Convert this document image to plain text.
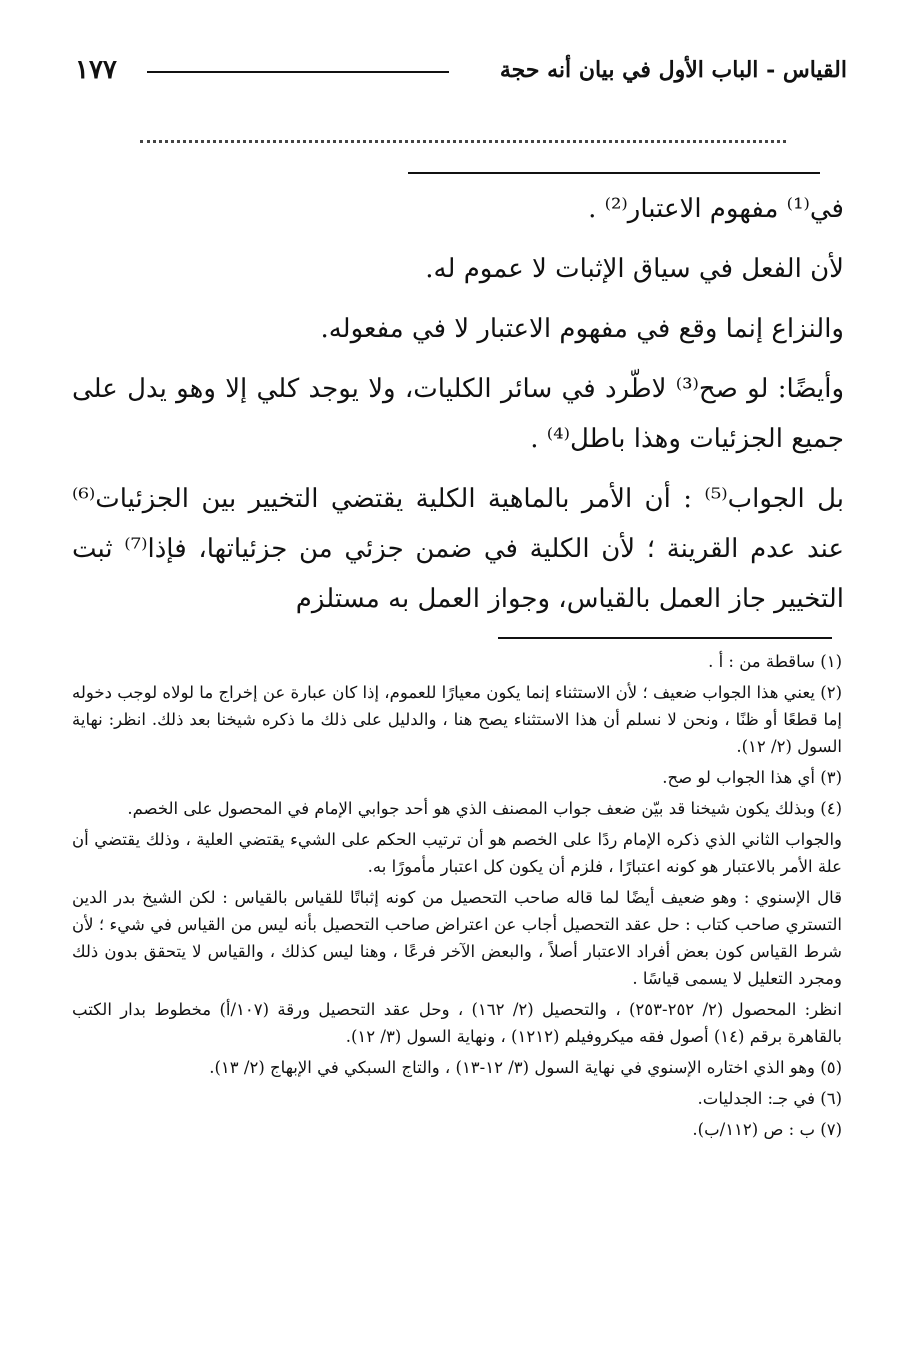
القياس - الباب الأول في بيان أنه حجة
١٧٧

في⁽¹⁾ مفهوم الاعتبار⁽²⁾ .

لأن الفعل في سياق الإثبات لا عموم له.

والنزاع إنما وقع في مفهوم الاعتبار لا في مفعوله.

وأيضًا: لو صح⁽³⁾ لاطّرد في سائر الكليات، ولا يوجد كلي إلا وهو يدل على جميع الجزئيات وهذا باطل⁽⁴⁾ .

بل الجواب⁽⁵⁾ : أن الأمر بالماهية الكلية يقتضي التخيير بين الجزئيات⁽⁶⁾ عند عدم القرينة ؛ لأن الكلية في ضمن جزئي من جزئياتها، فإذا⁽⁷⁾ ثبت التخيير جاز العمل بالقياس، وجواز العمل به مستلزم

(١) ساقطة من : أ .

(٢) يعني هذا الجواب ضعيف ؛ لأن الاستثناء إنما يكون معيارًا للعموم، إذا كان عبارة عن إخراج ما لولاه لوجب دخوله إما قطعًا أو ظنًا ، ونحن لا نسلم أن هذا الاستثناء يصح هنا ، والدليل على ذلك ما ذكره شيخنا بعد ذلك. انظر: نهاية السول (٢/ ١٢).

(٣) أي هذا الجواب لو صح.

(٤) وبذلك يكون شيخنا قد بيّن ضعف جواب المصنف الذي هو أحد جوابي الإمام في المحصول على الخصم.

والجواب الثاني الذي ذكره الإمام ردًا على الخصم هو أن ترتيب الحكم على الشيء يقتضي العلية ، وذلك يقتضي أن علة الأمر بالاعتبار هو كونه اعتبارًا ، فلزم أن يكون كل اعتبار مأمورًا به.

قال الإسنوي : وهو ضعيف أيضًا لما قاله صاحب التحصيل من كونه إثباتًا للقياس بالقياس : لكن الشيخ بدر الدين التستري صاحب كتاب : حل عقد التحصيل أجاب عن اعتراض صاحب التحصيل بأنه ليس من القياس في شيء ؛ لأن شرط القياس كون بعض أفراد الاعتبار أصلاً ، والبعض الآخر فرعًا ، وهنا ليس كذلك ، والقياس لا يتحقق بدون ذلك ومجرد التعليل لا يسمى قياسًا .

انظر: المحصول (٢/ ٢٥٢-٢٥٣) ، والتحصيل (٢/ ١٦٢) ، وحل عقد التحصيل ورقة (١٠٧/أ) مخطوط بدار الكتب بالقاهرة برقم (١٤) أصول فقه ميكروفيلم (١٢١٢) ، ونهاية السول (٣/ ١٢).

(٥) وهو الذي اختاره الإسنوي في نهاية السول (٣/ ١٢-١٣) ، والتاج السبكي في الإبهاج (٢/ ١٣).

(٦) في جـ: الجدليات.

(٧) ب : ص (١١٢/ب).
